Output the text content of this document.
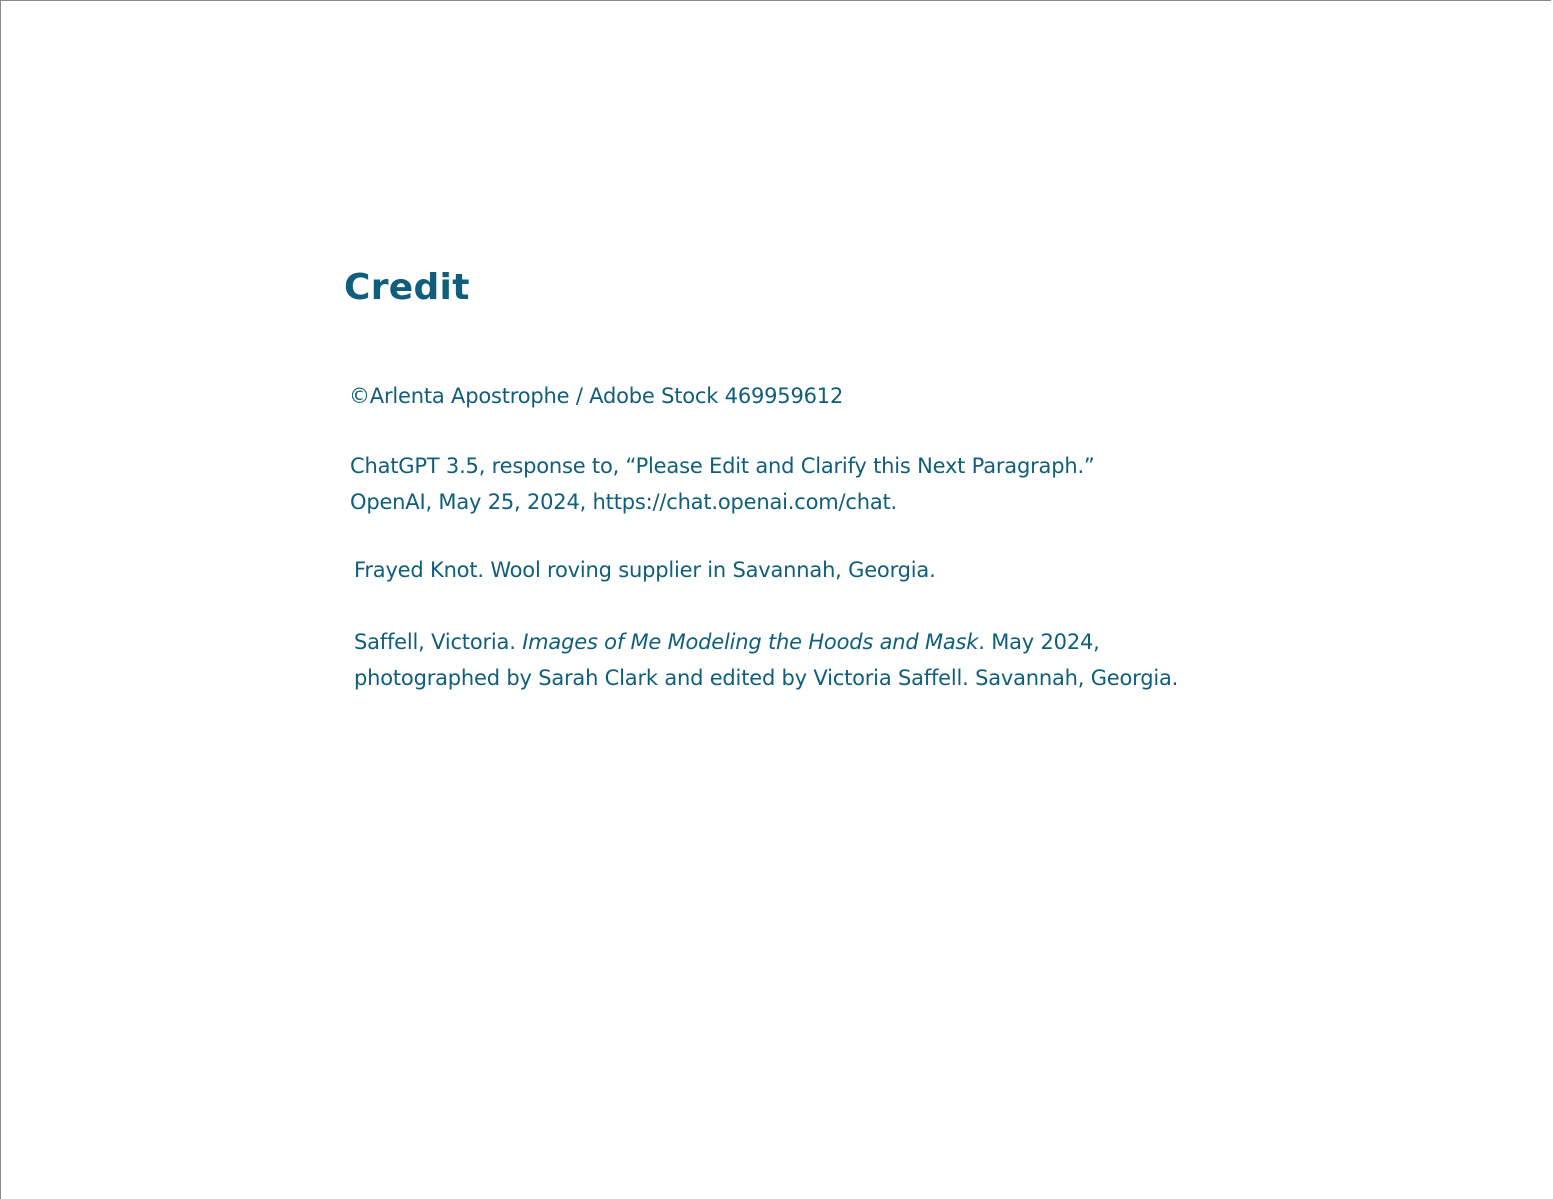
Credit

©Arlenta Apostrophe / Adobe Stock 469959612

ChatGPT 3.5, response to, “Please Edit and Clarify this Next Paragraph.”
OpenAI, May 25, 2024, https://chat.openai.com/chat.

Frayed Knot. Wool roving supplier in Savannah, Georgia.

Saffell, Victoria. Images of Me Modeling the Hoods and Mask. May 2024,
photographed by Sarah Clark and edited by Victoria Saffell. Savannah, Georgia.
